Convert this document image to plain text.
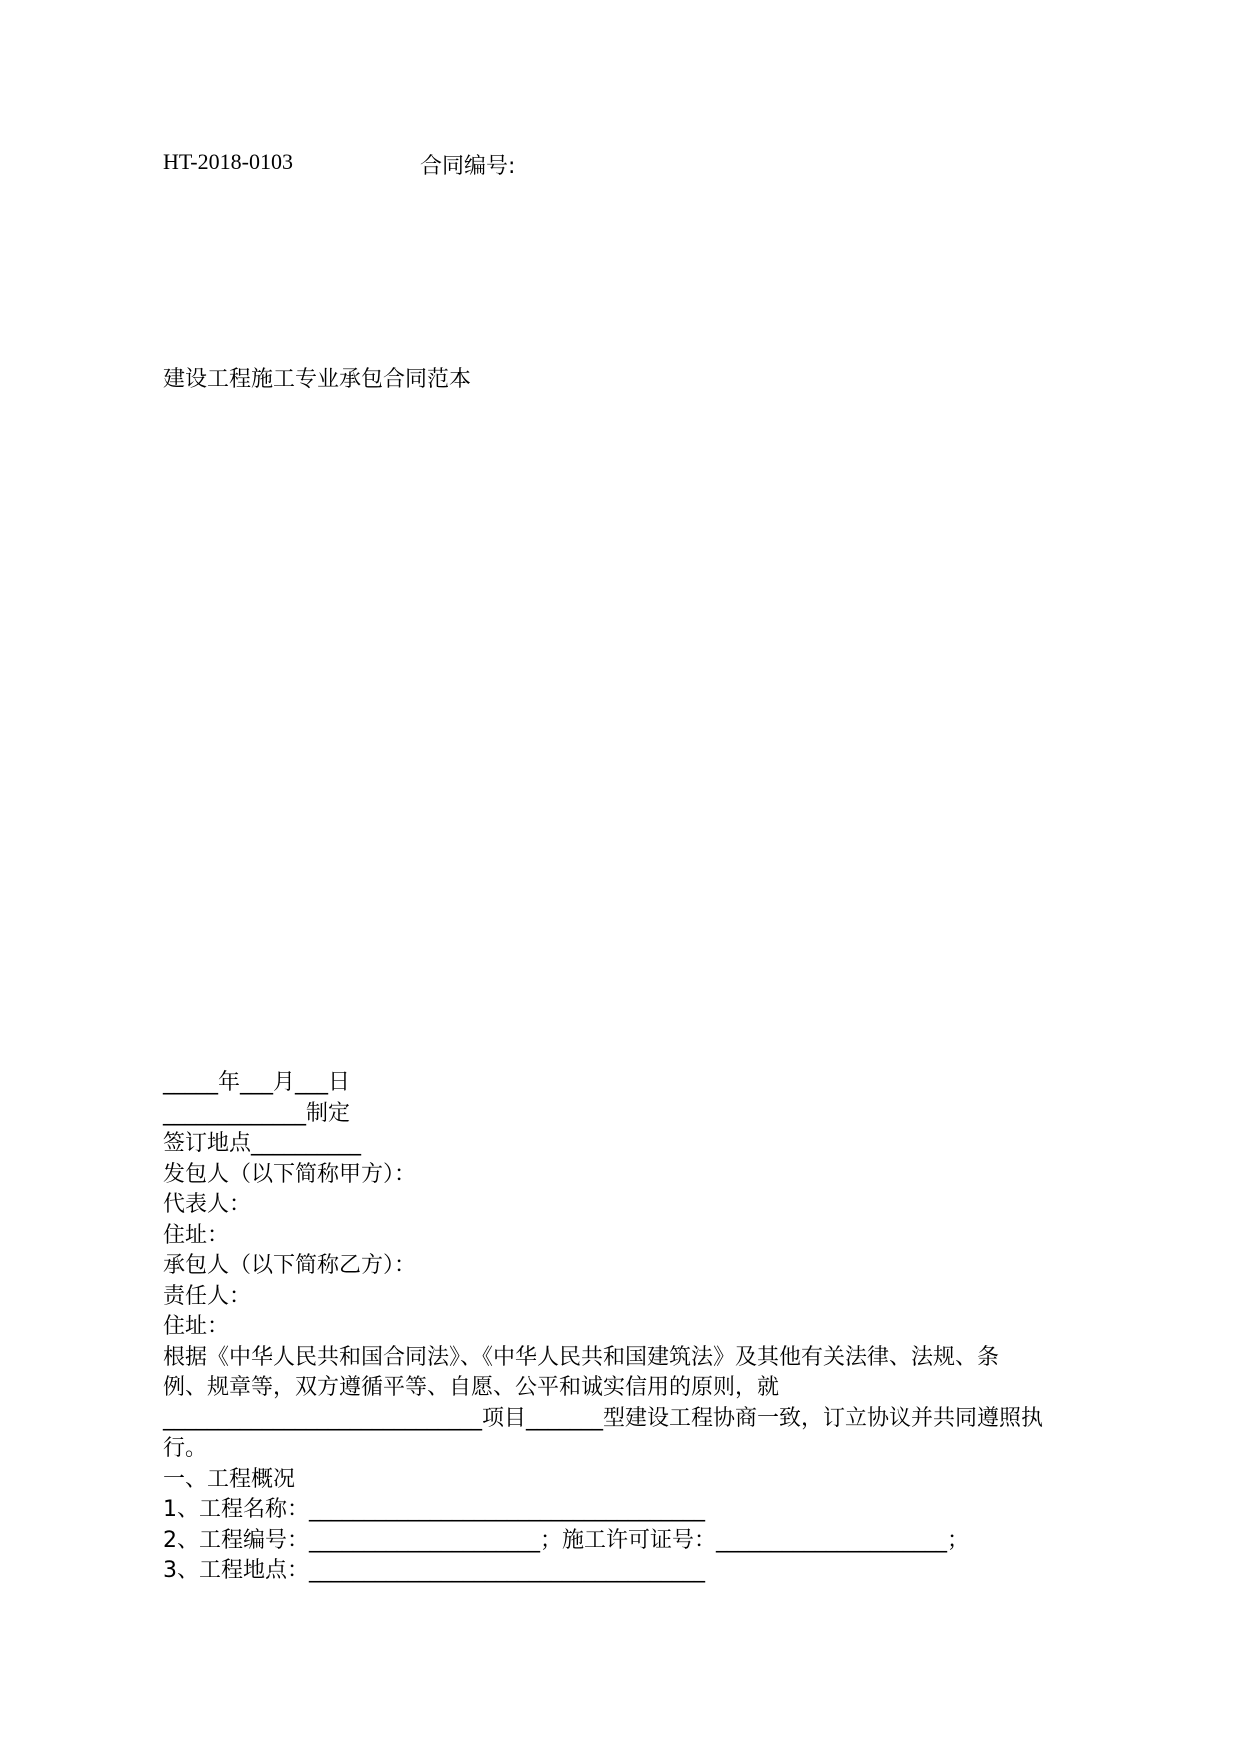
HT-2018-0103	合同编号:
建设工程施工专业承包合同范本
_____年___月___日
_____________制定
签订地点__________
发包人（以下简称甲方）：
代表人：
住址：
承包人（以下简称乙方）：
责任人：
住址：
根据《中华人民共和国合同法》、《中华人民共和国建筑法》及其他有关法律、法规、条
例、规章等，双方遵循平等、自愿、公平和诚实信用的原则，就
_____________________________项目_______型建设工程协商一致，订立协议并共同遵照执
行。
一、工程概况
1、工程名称：____________________________________
2、工程编号：_____________________；施工许可证号：_____________________；
3、工程地点：____________________________________
